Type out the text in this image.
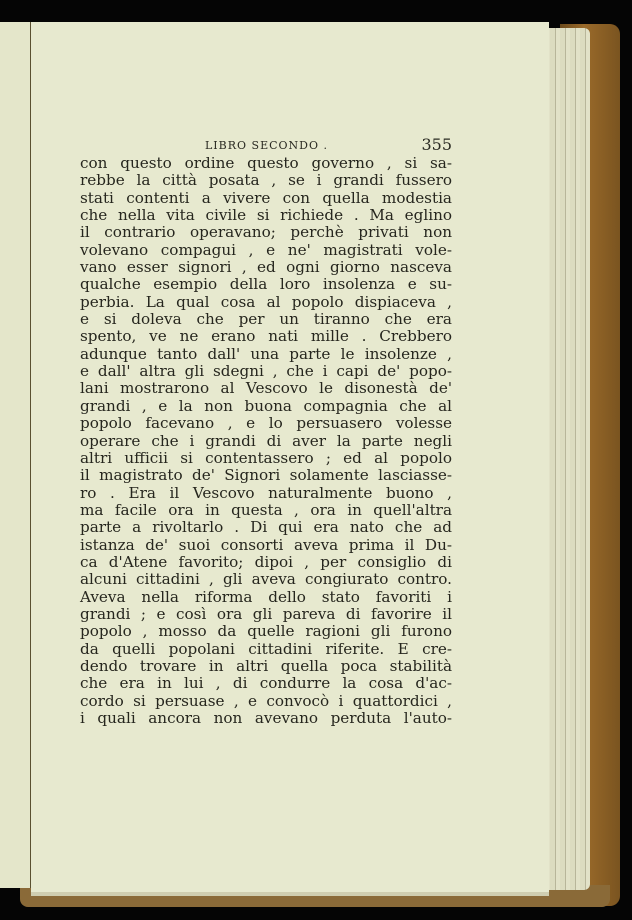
LIBRO SECONDO .	355
con questo ordine questo governo , si sa-
rebbe la città posata , se i grandi fussero
stati contenti a vivere con quella modestia
che nella vita civile si richiede . Ma eglino
il contrario operavano; perchè privati non
volevano compagui , e ne' magistrati vole-
vano esser signori , ed ogni giorno nasceva
qualche esempio della loro insolenza e su-
perbia. La qual cosa al popolo dispiaceva ,
e si doleva che per un tiranno che era
spento, ve ne erano nati mille . Crebbero
adunque tanto dall' una parte le insolenze ,
e dall' altra gli sdegni , che i capi de' popo-
lani mostrarono al Vescovo le disonestà de'
grandi , e la non buona compagnia che al
popolo facevano , e lo persuasero volesse
operare che i grandi di aver la parte negli
altri ufficii si contentassero ; ed al popolo
il magistrato de' Signori solamente lasciasse-
ro . Era il Vescovo naturalmente buono ,
ma facile ora in questa , ora in quell'altra
parte a rivoltarlo . Di qui era nato che ad
istanza de' suoi consorti aveva prima il Du-
ca d'Atene favorito; dipoi , per consiglio di
alcuni cittadini , gli aveva congiurato contro.
Aveva nella riforma dello stato favoriti i
grandi ; e così ora gli pareva di favorire il
popolo , mosso da quelle ragioni gli furono
da quelli popolani cittadini riferite. E cre-
dendo trovare in altri quella poca stabilità
che era in lui , di condurre la cosa d'ac-
cordo si persuase , e convocò i quattordici ,
i quali ancora non avevano perduta l'auto-
